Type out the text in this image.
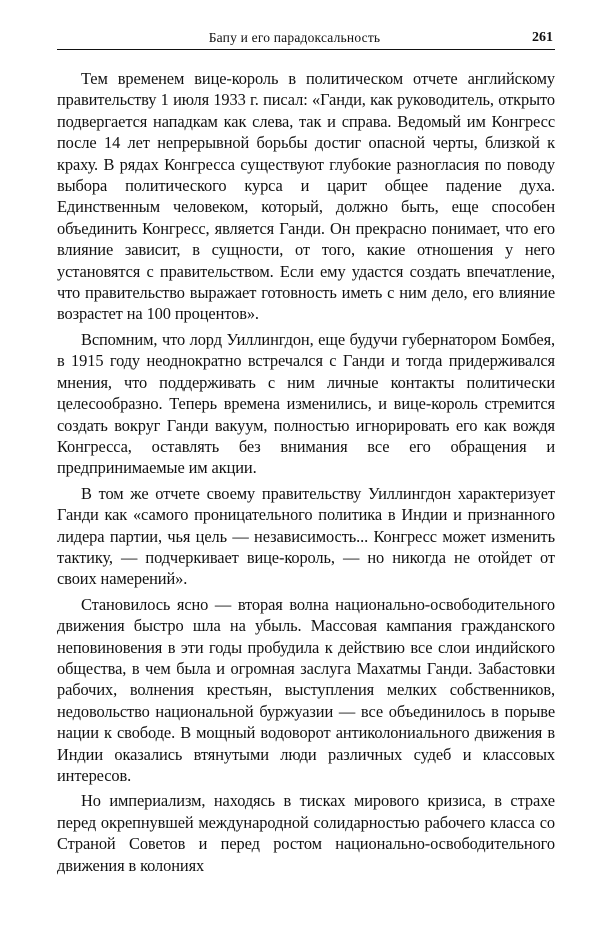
Бапу и его парадоксальность	261

Тем временем вице-король в политическом отчете английскому правительству 1 июля 1933 г. писал: «Ганди, как руководитель, открыто подвергается нападкам как слева, так и справа. Ведомый им Конгресс после 14 лет непрерывной борьбы достиг опасной черты, близкой к краху. В рядах Конгресса существуют глубокие разногласия по поводу выбора политического курса и царит общее падение духа. Единственным человеком, который, должно быть, еще способен объединить Конгресс, является Ганди. Он прекрасно понимает, что его влияние зависит, в сущности, от того, какие отношения у него установятся с правительством. Если ему удастся создать впечатление, что правительство выражает готовность иметь с ним дело, его влияние возрастет на 100 процентов».

Вспомним, что лорд Уиллингдон, еще будучи губернатором Бомбея, в 1915 году неоднократно встречался с Ганди и тогда придерживался мнения, что поддерживать с ним личные контакты политически целесообразно. Теперь времена изменились, и вице-король стремится создать вокруг Ганди вакуум, полностью игнорировать его как вождя Конгресса, оставлять без внимания все его обращения и предпринимаемые им акции.

В том же отчете своему правительству Уиллингдон характеризует Ганди как «самого проницательного политика в Индии и признанного лидера партии, чья цель — независимость... Конгресс может изменить тактику, — подчеркивает вице-король, — но никогда не отойдет от своих намерений».

Становилось ясно — вторая волна национально-освободительного движения быстро шла на убыль. Массовая кампания гражданского неповиновения в эти годы пробудила к действию все слои индийского общества, в чем была и огромная заслуга Махатмы Ганди. Забастовки рабочих, волнения крестьян, выступления мелких собственников, недовольство национальной буржуазии — все объединилось в порыве нации к свободе. В мощный водоворот антиколониального движения в Индии оказались втянутыми люди различных судеб и классовых интересов.

Но империализм, находясь в тисках мирового кризиса, в страхе перед окрепнувшей международной солидарностью рабочего класса со Страной Советов и перед ростом национально-освободительного движения в колониях
